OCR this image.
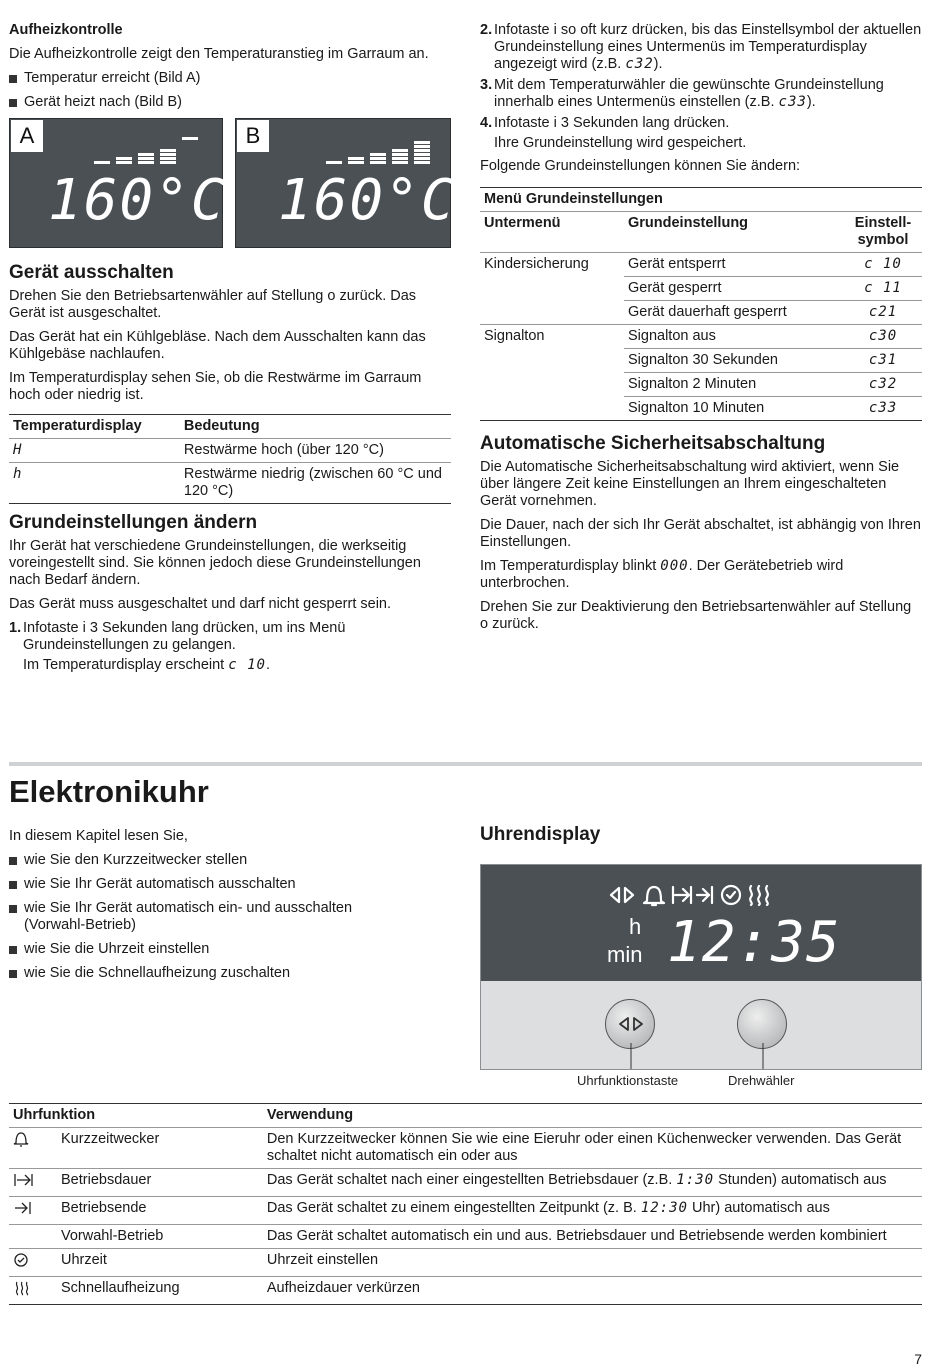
Aufheizkontrolle

Die Aufheizkontrolle zeigt den Temperaturanstieg im Garraum an.

Temperatur erreicht (Bild A)
Gerät heizt nach (Bild B)
A
160°C
B
160°C
Gerät ausschalten

Drehen Sie den Betriebsartenwähler auf Stellung o zurück. Das Gerät ist ausgeschaltet.

Das Gerät hat ein Kühlgebläse. Nach dem Ausschalten kann das Kühlgebäse nachlaufen.

Im Temperaturdisplay sehen Sie, ob die Restwärme im Garraum hoch oder niedrig ist.

Temperaturdisplay	Bedeutung
H	Restwärme hoch (über 120 °C)
h	Restwärme niedrig (zwischen 60 °C und 120 °C)
Grundeinstellungen ändern

Ihr Gerät hat verschiedene Grundeinstellungen, die werkseitig voreingestellt sind. Sie können jedoch diese Grundeinstellungen nach Bedarf ändern.

Das Gerät muss ausgeschaltet und darf nicht gesperrt sein.

1. Infotaste i 3 Sekunden lang drücken, um ins Menü Grundeinstellungen zu gelangen.
Im Temperaturdisplay erscheint c 10.
2. Infotaste i so oft kurz drücken, bis das Einstellsymbol der aktuellen Grundeinstellung eines Untermenüs im Temperaturdisplay angezeigt wird (z.B. c32).
3. Mit dem Temperaturwähler die gewünschte Grundeinstellung innerhalb eines Untermenüs einstellen (z.B. c33).
4. Infotaste i 3 Sekunden lang drücken.
Ihre Grundeinstellung wird gespeichert.

Folgende Grundeinstellungen können Sie ändern:

Menü Grundeinstellungen		
Untermenü	Grundeinstellung	Einstell-symbol
Kindersicherung	Gerät entsperrt	c 10
	Gerät gesperrt	c 11
	Gerät dauerhaft gesperrt	c21
Signalton	Signalton aus	c30
	Signalton 30 Sekunden	c31
	Signalton 2 Minuten	c32
	Signalton 10 Minuten	c33
Automatische Sicherheitsabschaltung

Die Automatische Sicherheitsabschaltung wird aktiviert, wenn Sie über längere Zeit keine Einstellungen an Ihrem eingeschalteten Gerät vornehmen.

Die Dauer, nach der sich Ihr Gerät abschaltet, ist abhängig von Ihren Einstellungen.

Im Temperaturdisplay blinkt 000. Der Gerätebetrieb wird unterbrochen.

Drehen Sie zur Deaktivierung den Betriebsartenwähler auf Stellung o zurück.

Elektronikuhr

In diesem Kapitel lesen Sie,

wie Sie den Kurzzeitwecker stellen
wie Sie Ihr Gerät automatisch ausschalten
wie Sie Ihr Gerät automatisch ein- und ausschalten (Vorwahl-Betrieb)
wie Sie die Uhrzeit einstellen
wie Sie die Schnellaufheizung zuschalten
Uhrendisplay
h
min 12:35
Uhrfunktionstaste	Drehwähler
Uhrfunktion		Verwendung
	Kurzzeitwecker	Den Kurzzeitwecker können Sie wie eine Eieruhr oder einen Küchenwecker verwenden. Das Gerät schaltet nicht automatisch ein oder aus
	Betriebsdauer	Das Gerät schaltet nach einer eingestellten Betriebsdauer (z.B. 1:30 Stunden) automatisch aus
	Betriebsende	Das Gerät schaltet zu einem eingestellten Zeitpunkt (z. B. 12:30 Uhr) automatisch aus
	Vorwahl-Betrieb	Das Gerät schaltet automatisch ein und aus. Betriebsdauer und Betriebsende werden kombiniert
	Uhrzeit	Uhrzeit einstellen
	Schnellaufheizung	Aufheizdauer verkürzen
7
